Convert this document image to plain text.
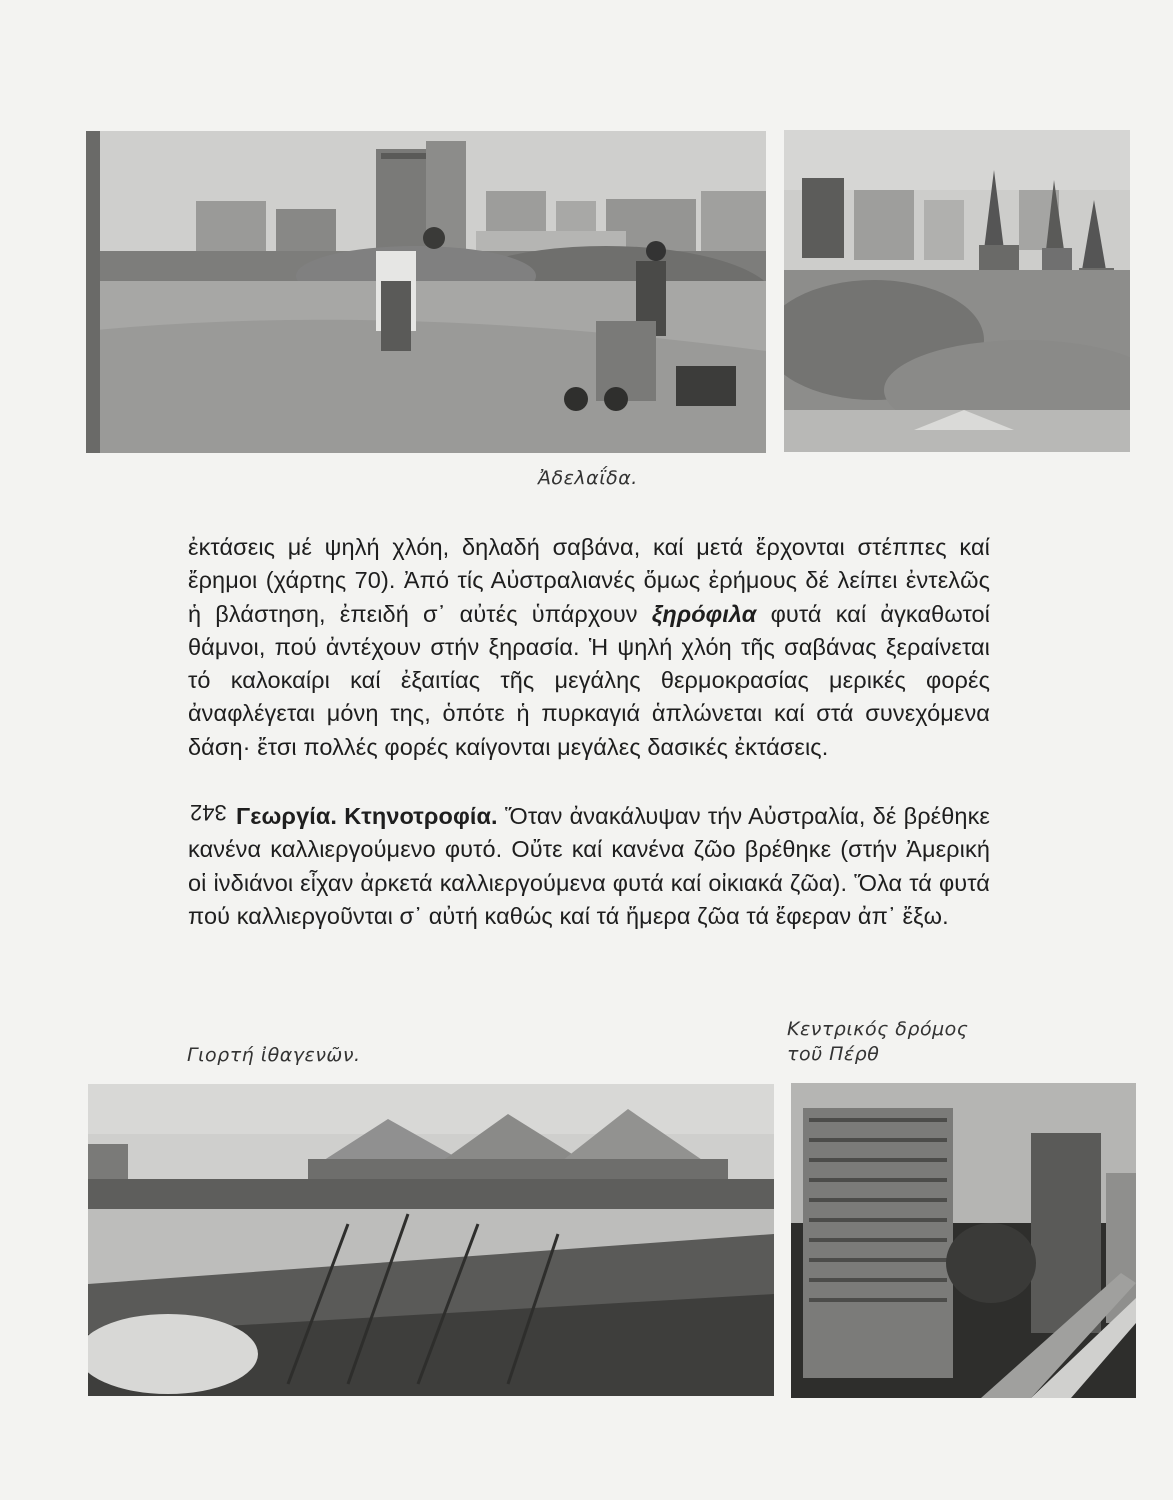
Ἀδελαΐδα.

ἐκτάσεις μέ ψηλή χλόη, δηλαδή σαβάνα, καί μετά ἔρχονται στέππες καί ἔρημοι (χάρτης 70). Ἀπό τίς Αὐστραλιανές ὅμως ἐρήμους δέ λείπει ἐντελῶς ἡ βλάστηση, ἐπειδή σ᾽ αὐτές ὑπάρχουν ξηρόφιλα φυτά καί ἀγκαθωτοί θάμνοι, πού ἀντέχουν στήν ξηρασία. Ἡ ψηλή χλόη τῆς σαβάνας ξεραίνεται τό καλοκαίρι καί ἐξαιτίας τῆς μεγάλης θερμοκρασίας μερικές φορές ἀναφλέγεται μόνη της, ὁπότε ἡ πυρκαγιά ἁπλώνεται καί στά συνεχόμενα δάση· ἔτσι πολλές φορές καίγονται μεγάλες δασικές ἐκτάσεις.

Γεωργία. Κτηνοτροφία. Ὅταν ἀνακάλυψαν τήν Αὐστραλία, δέ βρέθηκε κανένα καλλιεργούμενο φυτό. Οὔτε καί κανένα ζῶο βρέθηκε (στήν Ἀμερική οἱ ἰνδιάνοι εἶχαν ἀρκετά καλλιεργούμενα φυτά καί οἰκιακά ζῶα). Ὅλα τά φυτά πού καλλιεργοῦνται σ᾽ αὐτή καθώς καί τά ἥμερα ζῶα τά ἔφεραν ἀπ᾽ ἔξω.

342
Κεντρικός δρόμος
τοῦ Πέρθ
Γιορτή ἰθαγενῶν.
